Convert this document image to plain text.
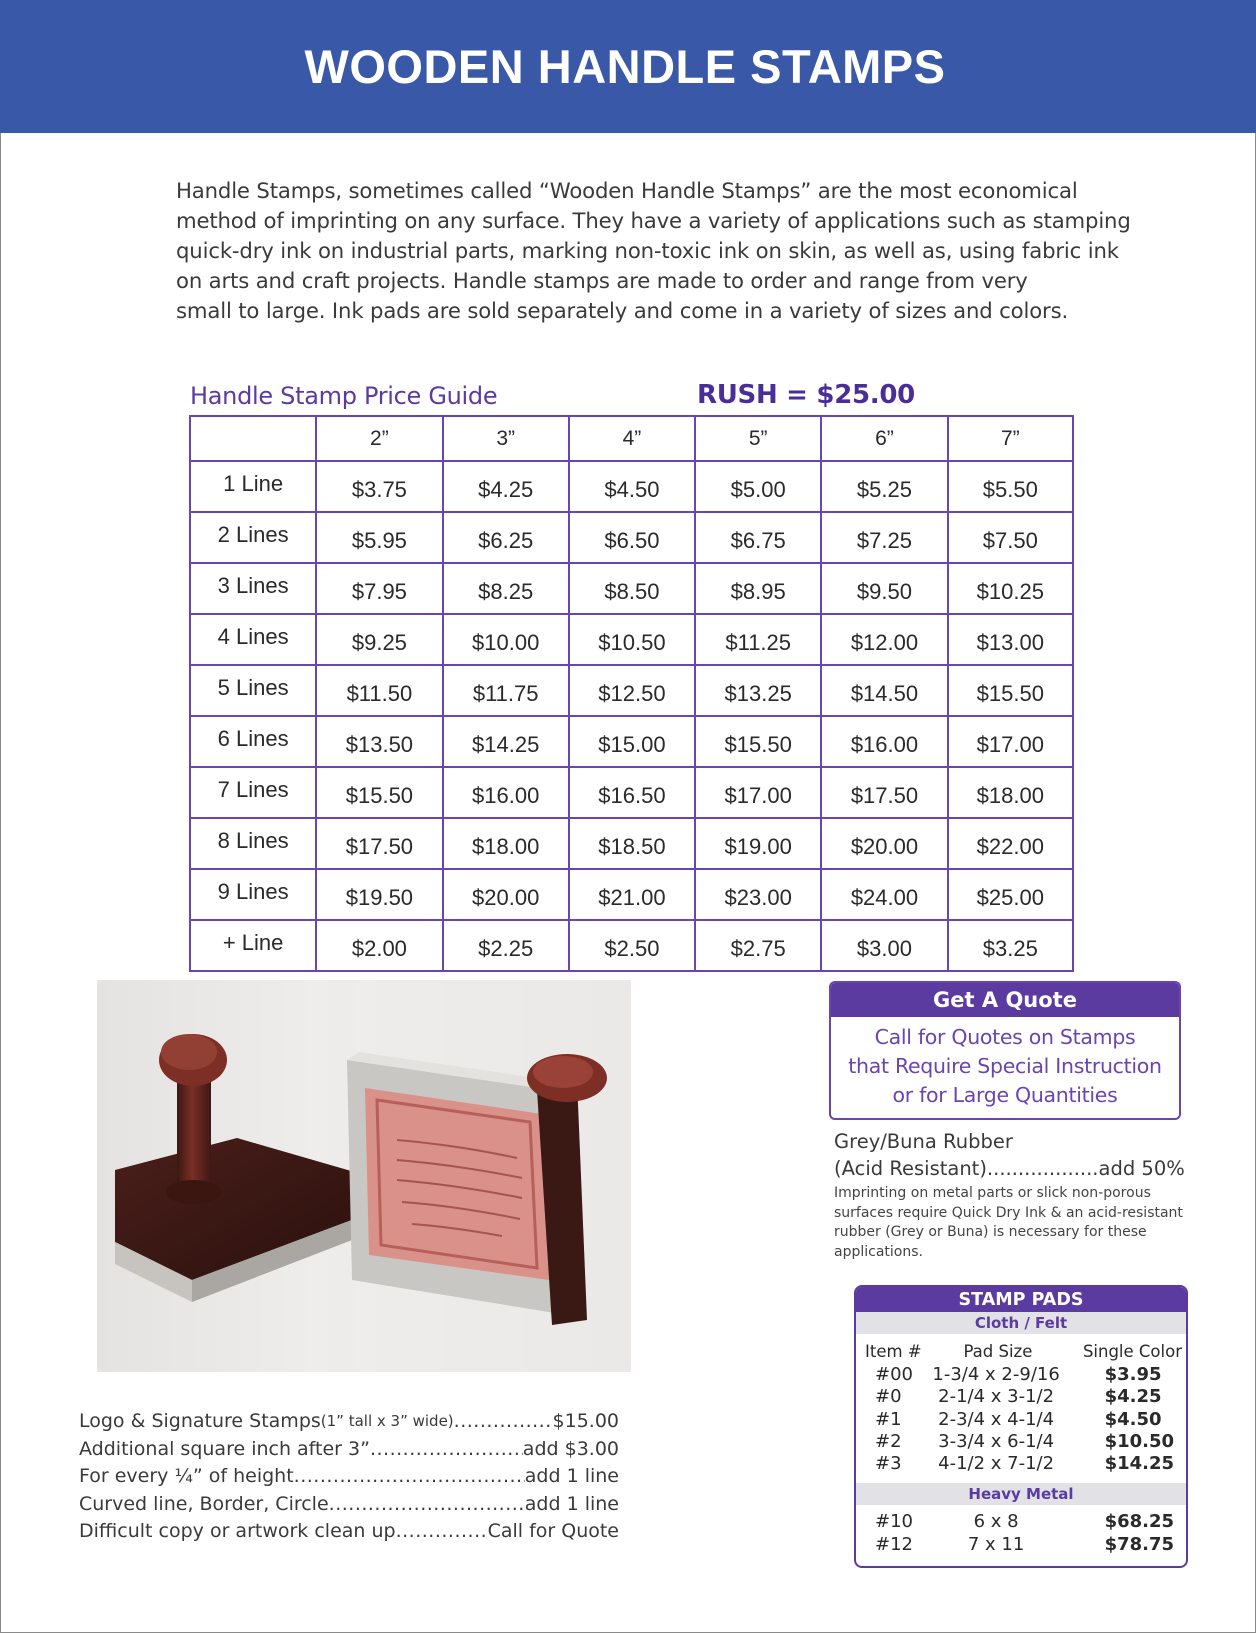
WOODEN HANDLE STAMPS

Handle Stamps, sometimes called “Wooden Handle Stamps” are the most economical

method of imprinting on any surface. They have a variety of applications such as stamping

quick-dry ink on industrial parts, marking non-toxic ink on skin, as well as, using fabric ink

on arts and craft projects. Handle stamps are made to order and range from very

small to large. Ink pads are sold separately and come in a variety of sizes and colors.

Handle Stamp Price Guide	RUSH = $25.00
	2”	3”	4”	5”	6”	7”
1 Line	$3.75	$4.25	$4.50	$5.00	$5.25	$5.50
2 Lines	$5.95	$6.25	$6.50	$6.75	$7.25	$7.50
3 Lines	$7.95	$8.25	$8.50	$8.95	$9.50	$10.25
4 Lines	$9.25	$10.00	$10.50	$11.25	$12.00	$13.00
5 Lines	$11.50	$11.75	$12.50	$13.25	$14.50	$15.50
6 Lines	$13.50	$14.25	$15.00	$15.50	$16.00	$17.00
7 Lines	$15.50	$16.00	$16.50	$17.00	$17.50	$18.00
8 Lines	$17.50	$18.00	$18.50	$19.00	$20.00	$22.00
9 Lines	$19.50	$20.00	$21.00	$23.00	$24.00	$25.00
+ Line	$2.00	$2.25	$2.50	$2.75	$3.00	$3.25
Logo & Signature Stamps (1” tall x 3” wide) .....	$15.00
Additional square inch after 3” .....	add $3.00
For every ¼” of height .....	add 1 line
Curved line, Border, Circle .....	add 1 line
Difficult copy or artwork clean up .....	Call for Quote
Get A Quote

Call for Quotes on Stamps

that Require Special Instruction

or for Large Quantities

Grey/Buna Rubber
(Acid Resistant)..................add 50%

Imprinting on metal parts or slick non-porous

surfaces require Quick Dry Ink & an acid-resistant

rubber (Grey or Buna) is necessary for these

applications.

STAMP PADS
Cloth / Felt
Item #	Pad Size	Single Color
#00	1-3/4 x 2-9/16	$3.95
#0	2-1/4 x 3-1/2	$4.25
#1	2-3/4 x 4-1/4	$4.50
#2	3-3/4 x 6-1/4	$10.50
#3	4-1/2 x 7-1/2	$14.25
Heavy Metal
#10	6 x 8	$68.25
#12	7 x 11	$78.75
